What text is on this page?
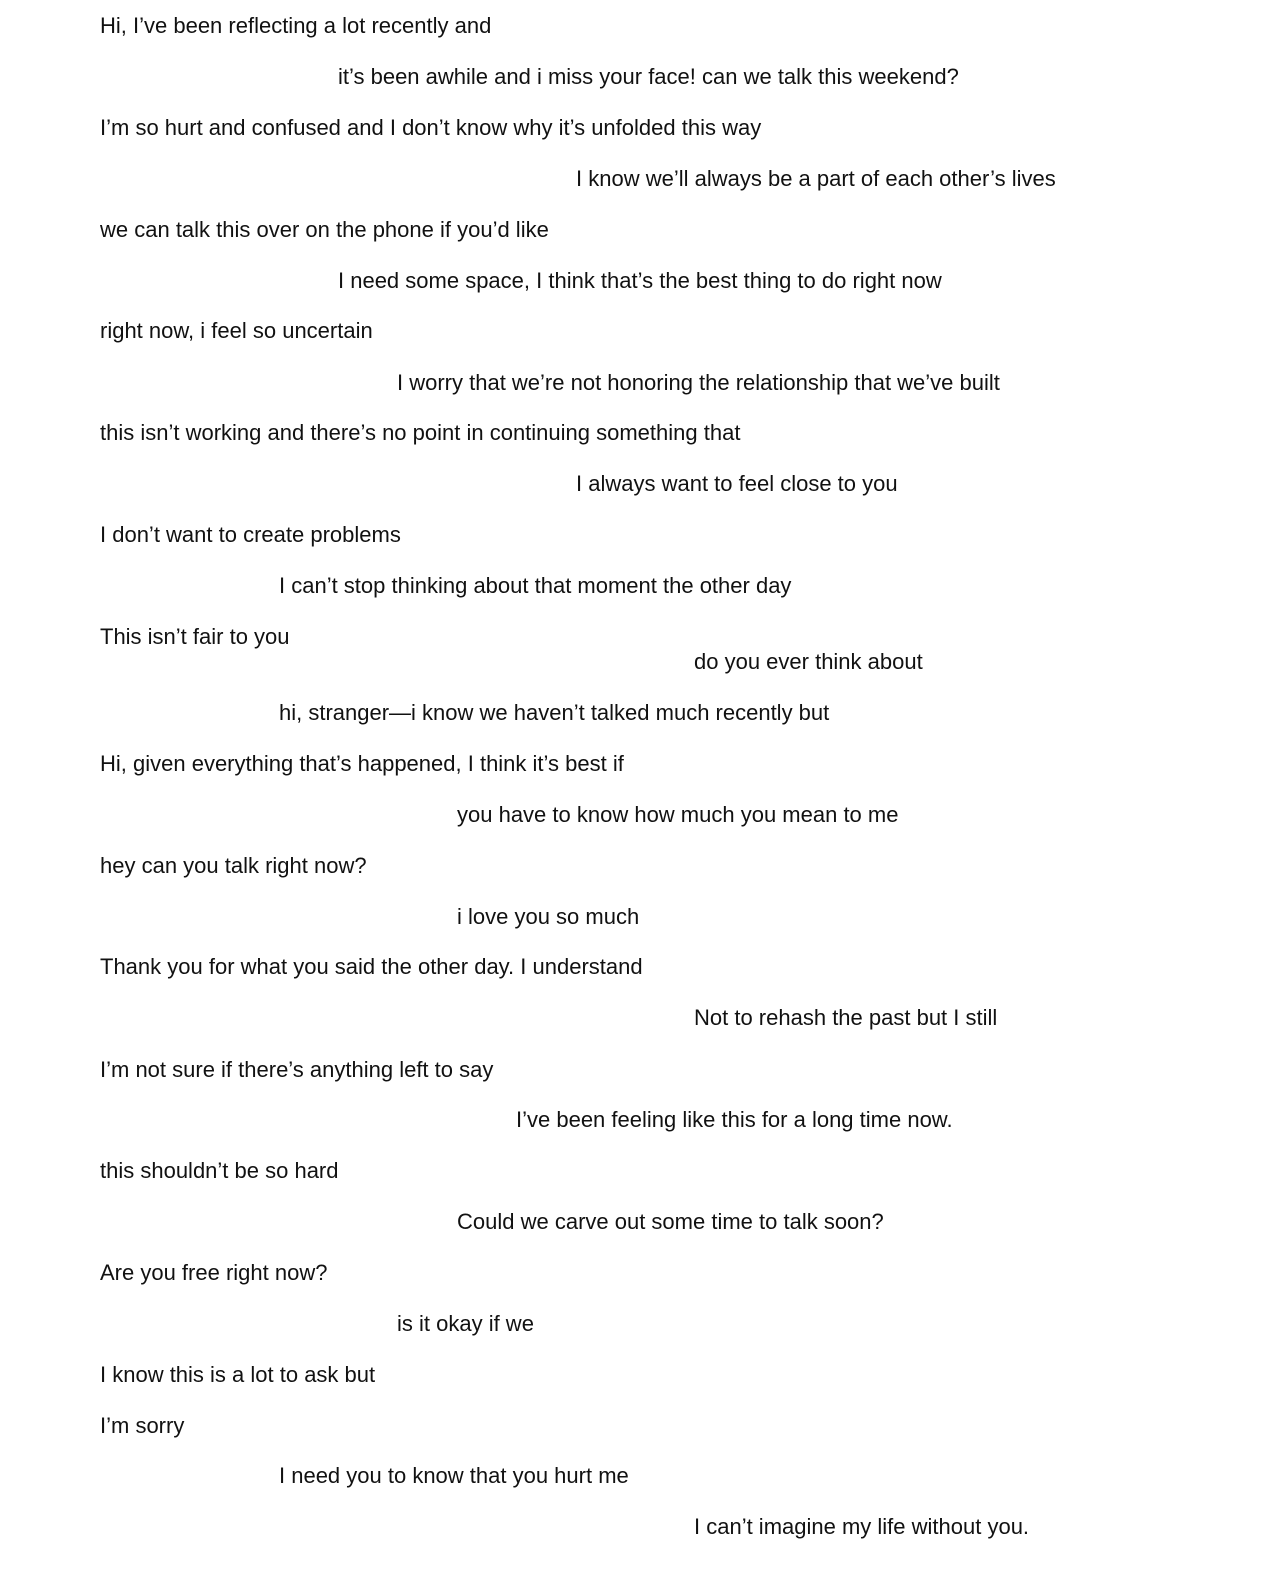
Hi, I’ve been reflecting a lot recently and

it’s been awhile and i miss your face! can we talk this weekend?

I’m so hurt and confused and I don’t know why it’s unfolded this way

I know we’ll always be a part of each other’s lives

we can talk this over on the phone if you’d like

I need some space, I think that’s the best thing to do right now

right now, i feel so uncertain

I worry that we’re not honoring the relationship that we’ve built

this isn’t working and there’s no point in continuing something that

I always want to feel close to you

I don’t want to create problems

I can’t stop thinking about that moment the other day

This isn’t fair to you

do you ever think about

hi, stranger—i know we haven’t talked much recently but

Hi, given everything that’s happened, I think it’s best if

you have to know how much you mean to me

hey can you talk right now?

i love you so much

Thank you for what you said the other day. I understand

Not to rehash the past but I still

I’m not sure if there’s anything left to say

I’ve been feeling like this for a long time now.

this shouldn’t be so hard

Could we carve out some time to talk soon?

Are you free right now?

is it okay if we

I know this is a lot to ask but

I’m sorry

I need you to know that you hurt me

I can’t imagine my life without you.
